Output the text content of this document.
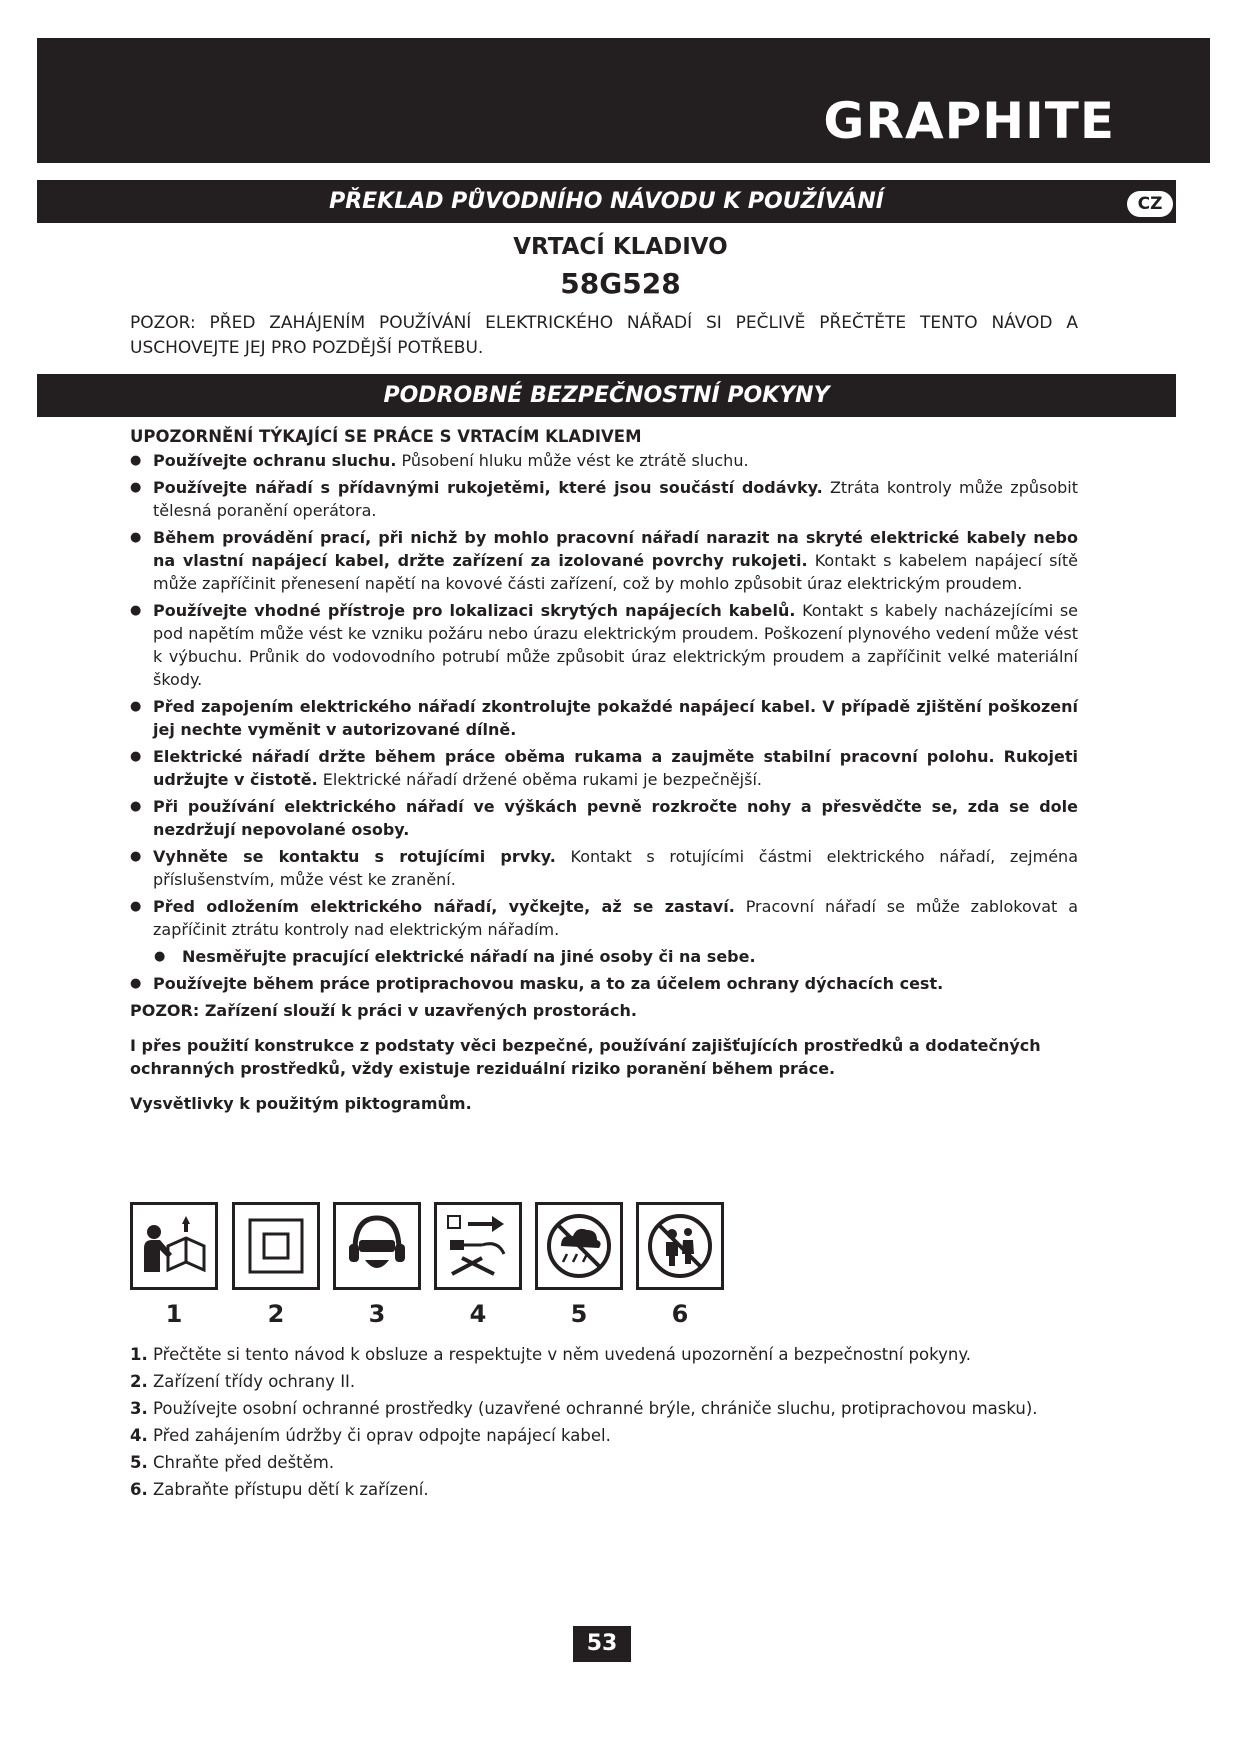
GRAPHITE
PŘEKLAD PŮVODNÍHO NÁVODU K POUŽÍVÁNÍ	CZ
VRTACÍ KLADIVO
58G528
POZOR: PŘED ZAHÁJENÍM POUŽÍVÁNÍ ELEKTRICKÉHO NÁŘADÍ SI PEČLIVĚ PŘEČTĚTE TENTO NÁVOD A USCHOVEJTE JEJ PRO POZDĚJŠÍ POTŘEBU.
PODROBNÉ BEZPEČNOSTNÍ POKYNY
UPOZORNĚNÍ TÝKAJÍCÍ SE PRÁCE S VRTACÍM KLADIVEM
● Používejte ochranu sluchu. Působení hluku může vést ke ztrátě sluchu.
● Používejte nářadí s přídavnými rukojetěmi, které jsou součástí dodávky. Ztráta kontroly může způsobit tělesná poranění operátora.
● Během provádění prací, při nichž by mohlo pracovní nářadí narazit na skryté elektrické kabely nebo na vlastní napájecí kabel, držte zařízení za izolované povrchy rukojeti. Kontakt s kabelem napájecí sítě může zapříčinit přenesení napětí na kovové části zařízení, což by mohlo způsobit úraz elektrickým proudem.
● Používejte vhodné přístroje pro lokalizaci skrytých napájecích kabelů. Kontakt s kabely nacházejícími se pod napětím může vést ke vzniku požáru nebo úrazu elektrickým proudem. Poškození plynového vedení může vést k výbuchu. Průnik do vodovodního potrubí může způsobit úraz elektrickým proudem a zapříčinit velké materiální škody.
● Před zapojením elektrického nářadí zkontrolujte pokaždé napájecí kabel. V případě zjištění poškození jej nechte vyměnit v autorizované dílně.
● Elektrické nářadí držte během práce oběma rukama a zaujměte stabilní pracovní polohu. Rukojeti udržujte v čistotě. Elektrické nářadí držené oběma rukami je bezpečnější.
● Při používání elektrického nářadí ve výškách pevně rozkročte nohy a přesvědčte se, zda se dole nezdržují nepovolané osoby.
● Vyhněte se kontaktu s rotujícími prvky. Kontakt s rotujícími částmi elektrického nářadí, zejména příslušenstvím, může vést ke zranění.
● Před odložením elektrického nářadí, vyčkejte, až se zastaví. Pracovní nářadí se může zablokovat a zapříčinit ztrátu kontroly nad elektrickým nářadím.
● Nesměřujte pracující elektrické nářadí na jiné osoby či na sebe.
● Používejte během práce protiprachovou masku, a to za účelem ochrany dýchacích cest.

POZOR: Zařízení slouží k práci v uzavřených prostorách.

I přes použití konstrukce z podstaty věci bezpečné, používání zajišťujících prostředků a dodatečných ochranných prostředků, vždy existuje reziduální riziko poranění během práce.

Vysvětlivky k použitým piktogramům.

1	2	3	4	5	6
1. Přečtěte si tento návod k obsluze a respektujte v něm uvedená upozornění a bezpečnostní pokyny.
2. Zařízení třídy ochrany II.
3. Používejte osobní ochranné prostředky (uzavřené ochranné brýle, chrániče sluchu, protiprachovou masku).
4. Před zahájením údržby či oprav odpojte napájecí kabel.
5. Chraňte před deštěm.
6. Zabraňte přístupu dětí k zařízení.
53
